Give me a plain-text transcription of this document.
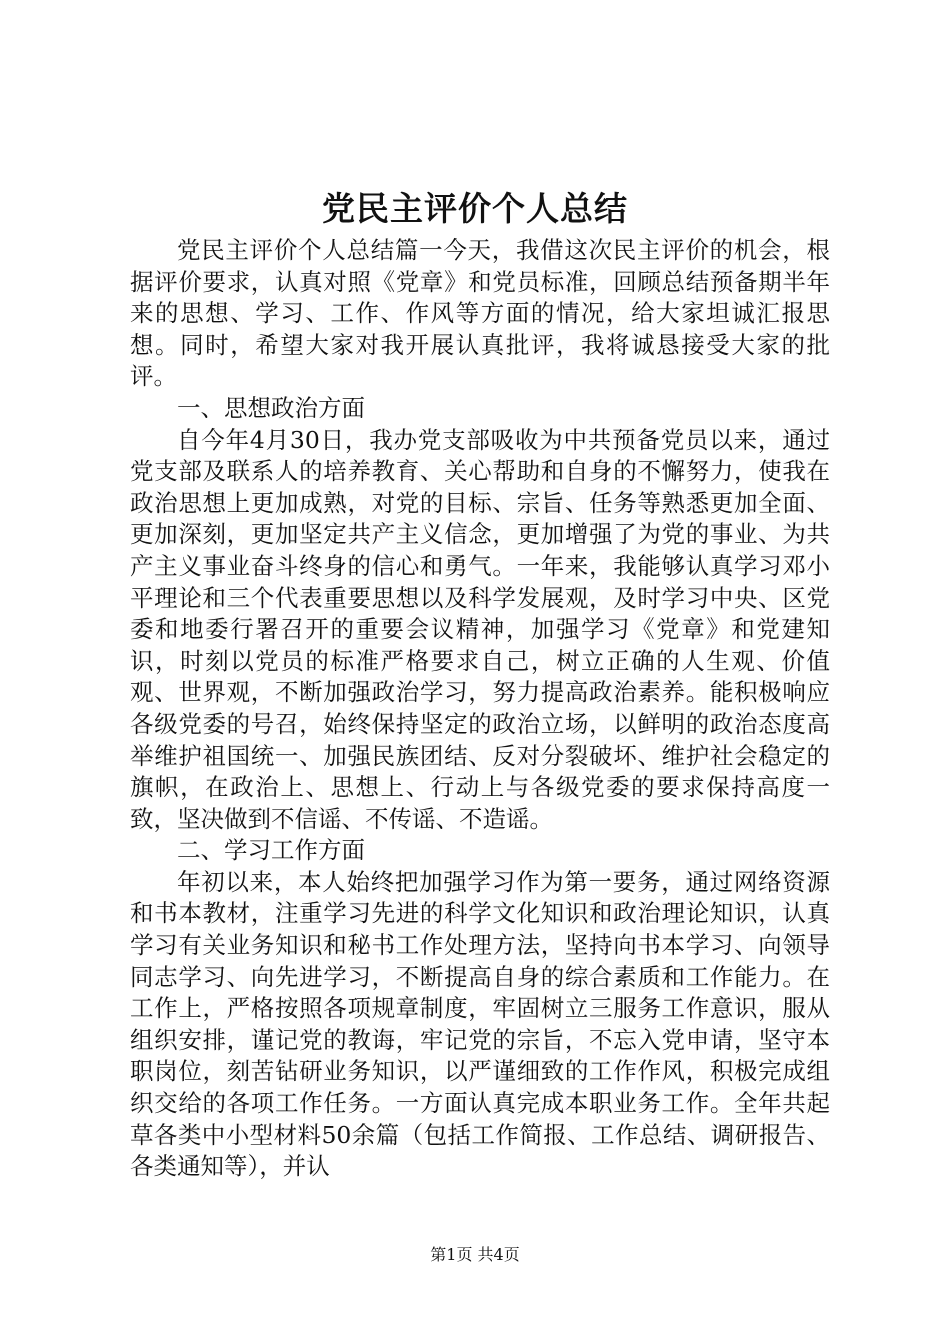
党民主评价个人总结

党民主评价个人总结篇一今天，我借这次民主评价的机会，根据评价要求，认真对照《党章》和党员标准，回顾总结预备期半年来的思想、学习、工作、作风等方面的情况，给大家坦诚汇报思想。同时，希望大家对我开展认真批评，我将诚恳接受大家的批评。

一、思想政治方面

自今年4月30日，我办党支部吸收为中共预备党员以来，通过党支部及联系人的培养教育、关心帮助和自身的不懈努力，使我在政治思想上更加成熟，对党的目标、宗旨、任务等熟悉更加全面、更加深刻，更加坚定共产主义信念，更加增强了为党的事业、为共产主义事业奋斗终身的信心和勇气。一年来，我能够认真学习邓小平理论和三个代表重要思想以及科学发展观，及时学习中央、区党委和地委行署召开的重要会议精神，加强学习《党章》和党建知识，时刻以党员的标准严格要求自己，树立正确的人生观、价值观、世界观，不断加强政治学习，努力提高政治素养。能积极响应各级党委的号召，始终保持坚定的政治立场，以鲜明的政治态度高举维护祖国统一、加强民族团结、反对分裂破坏、维护社会稳定的旗帜，在政治上、思想上、行动上与各级党委的要求保持高度一致，坚决做到不信谣、不传谣、不造谣。

二、学习工作方面

年初以来，本人始终把加强学习作为第一要务，通过网络资源和书本教材，注重学习先进的科学文化知识和政治理论知识，认真学习有关业务知识和秘书工作处理方法，坚持向书本学习、向领导同志学习、向先进学习，不断提高自身的综合素质和工作能力。在工作上，严格按照各项规章制度，牢固树立三服务工作意识，服从组织安排，谨记党的教诲，牢记党的宗旨，不忘入党申请，坚守本职岗位，刻苦钻研业务知识，以严谨细致的工作作风，积极完成组织交给的各项工作任务。一方面认真完成本职业务工作。全年共起草各类中小型材料50余篇（包括工作简报、工作总结、调研报告、各类通知等），并认

第1页 共4页
